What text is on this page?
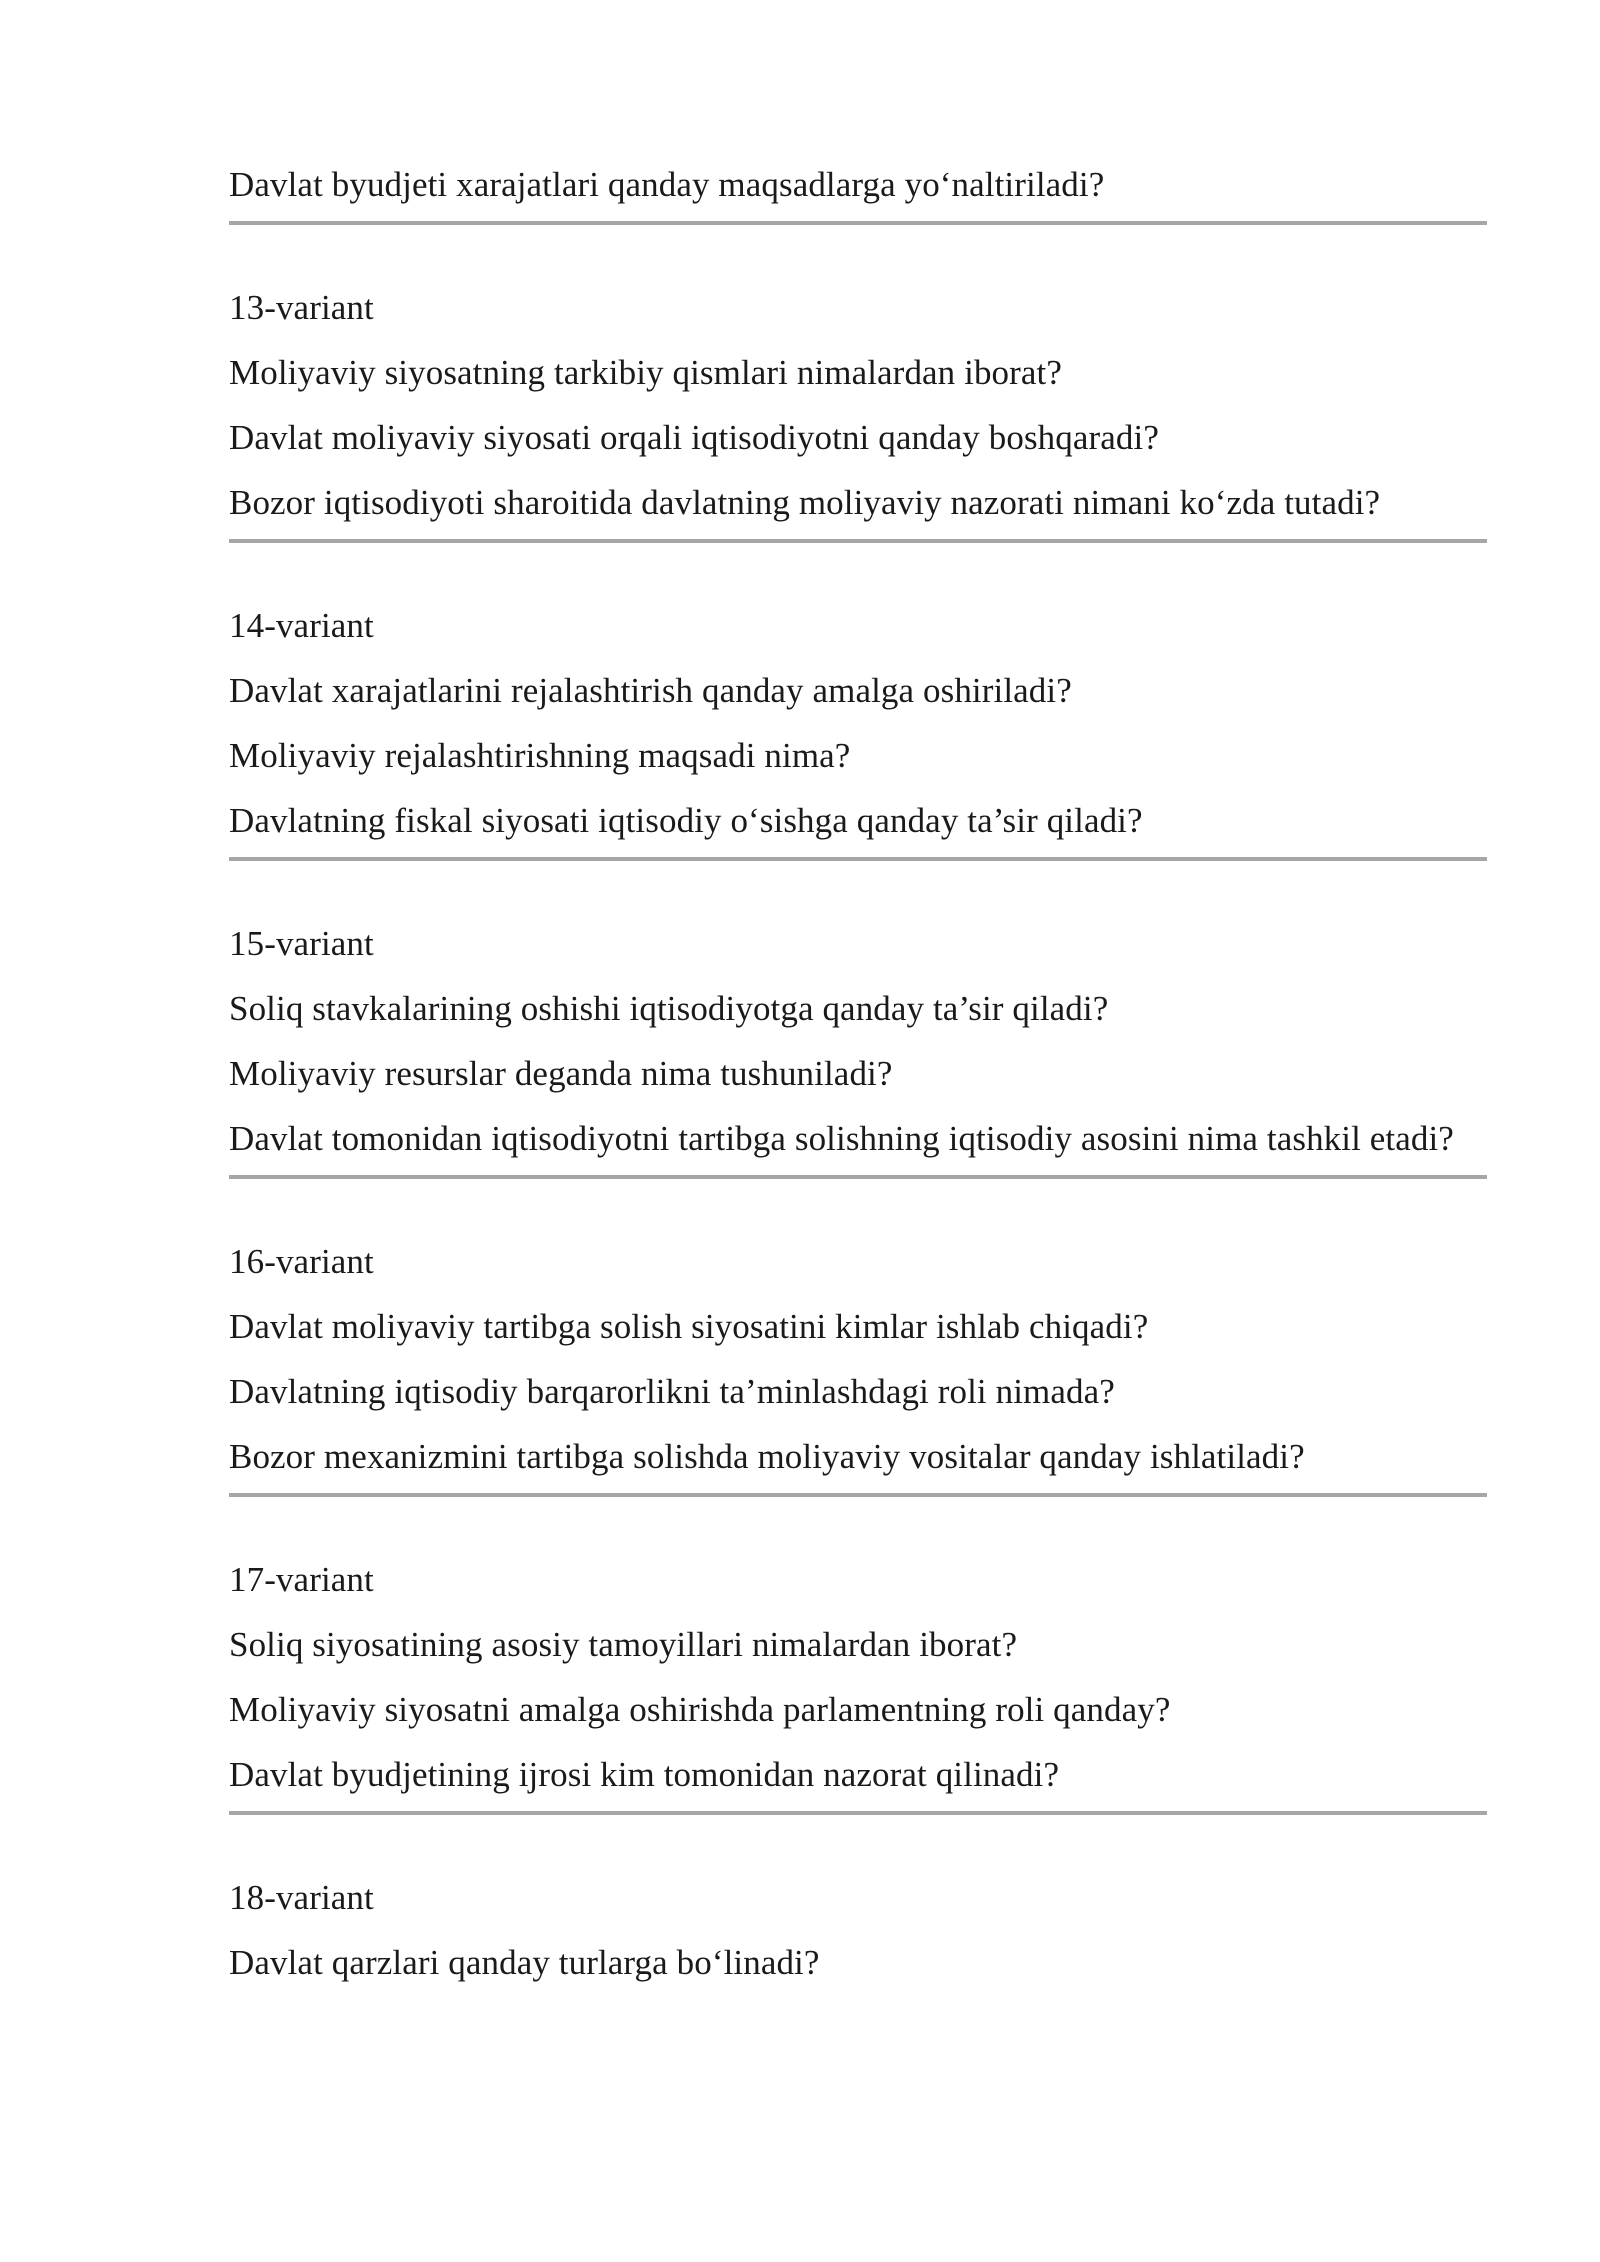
Davlat byudjeti xarajatlari qanday maqsadlarga yo‘naltiriladi?
13-variant
Moliyaviy siyosatning tarkibiy qismlari nimalardan iborat?
Davlat moliyaviy siyosati orqali iqtisodiyotni qanday boshqaradi?
Bozor iqtisodiyoti sharoitida davlatning moliyaviy nazorati nimani ko‘zda tutadi?
14-variant
Davlat xarajatlarini rejalashtirish qanday amalga oshiriladi?
Moliyaviy rejalashtirishning maqsadi nima?
Davlatning fiskal siyosati iqtisodiy o‘sishga qanday ta’sir qiladi?
15-variant
Soliq stavkalarining oshishi iqtisodiyotga qanday ta’sir qiladi?
Moliyaviy resurslar deganda nima tushuniladi?
Davlat tomonidan iqtisodiyotni tartibga solishning iqtisodiy asosini nima tashkil etadi?
16-variant
Davlat moliyaviy tartibga solish siyosatini kimlar ishlab chiqadi?
Davlatning iqtisodiy barqarorlikni ta’minlashdagi roli nimada?
Bozor mexanizmini tartibga solishda moliyaviy vositalar qanday ishlatiladi?
17-variant
Soliq siyosatining asosiy tamoyillari nimalardan iborat?
Moliyaviy siyosatni amalga oshirishda parlamentning roli qanday?
Davlat byudjetining ijrosi kim tomonidan nazorat qilinadi?
18-variant
Davlat qarzlari qanday turlarga bo‘linadi?
